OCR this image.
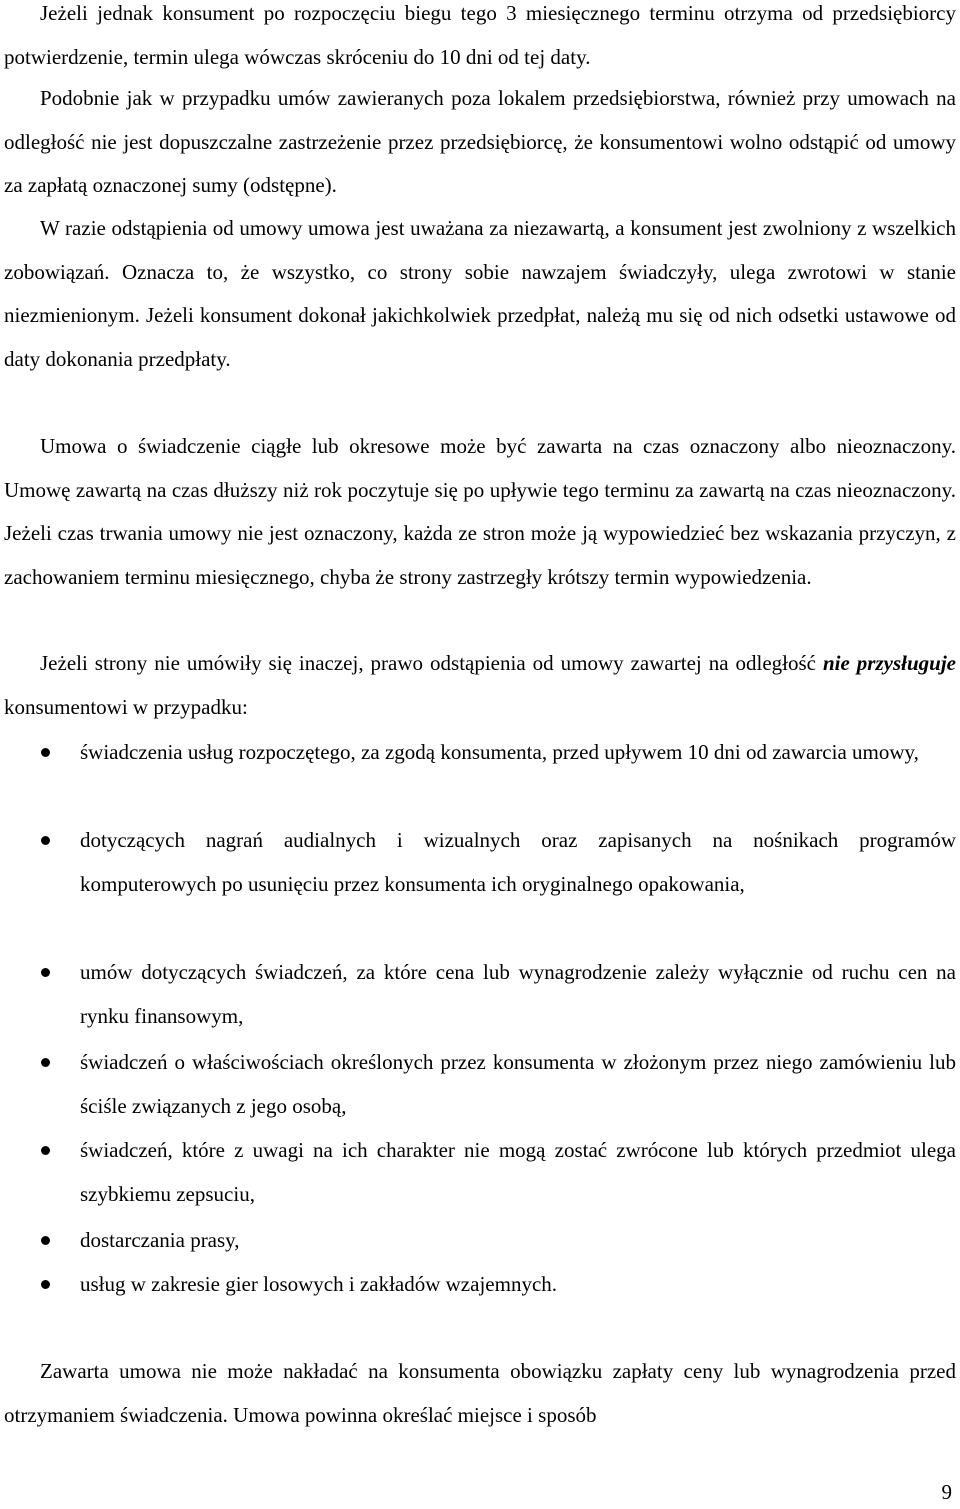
Jeżeli jednak konsument po rozpoczęciu biegu tego 3 miesięcznego terminu otrzyma od przedsiębiorcy potwierdzenie, termin ulega wówczas skróceniu do 10 dni od tej daty.

Podobnie jak w przypadku umów zawieranych poza lokalem przedsiębiorstwa, również przy umowach na odległość nie jest dopuszczalne zastrzeżenie przez przedsiębiorcę, że konsumentowi wolno odstąpić od umowy za zapłatą oznaczonej sumy (odstępne).

W razie odstąpienia od umowy umowa jest uważana za niezawartą, a konsument jest zwolniony z wszelkich zobowiązań. Oznacza to, że wszystko, co strony sobie nawzajem świadczyły, ulega zwrotowi w stanie niezmienionym. Jeżeli konsument dokonał jakichkolwiek przedpłat, należą mu się od nich odsetki ustawowe od daty dokonania przedpłaty.

Umowa o świadczenie ciągłe lub okresowe może być zawarta na czas oznaczony albo nieoznaczony. Umowę zawartą na czas dłuższy niż rok poczytuje się po upływie tego terminu za zawartą na czas nieoznaczony. Jeżeli czas trwania umowy nie jest oznaczony, każda ze stron może ją wypowiedzieć bez wskazania przyczyn, z zachowaniem terminu miesięcznego, chyba że strony zastrzegły krótszy termin wypowiedzenia.

Jeżeli strony nie umówiły się inaczej, prawo odstąpienia od umowy zawartej na odległość nie przysługuje konsumentowi w przypadku:

świadczenia usług rozpoczętego, za zgodą konsumenta, przed upływem 10 dni od zawarcia umowy,

dotyczących nagrań audialnych i wizualnych oraz zapisanych na nośnikach programów komputerowych po usunięciu przez konsumenta ich oryginalnego opakowania,

umów dotyczących świadczeń, za które cena lub wynagrodzenie zależy wyłącznie od ruchu cen na rynku finansowym,

świadczeń o właściwościach określonych przez konsumenta w złożonym przez niego zamówieniu lub ściśle związanych z jego osobą,

świadczeń, które z uwagi na ich charakter nie mogą zostać zwrócone lub których przedmiot ulega szybkiemu zepsuciu,

dostarczania prasy,

usług w zakresie gier losowych i zakładów wzajemnych.

Zawarta umowa nie może nakładać na konsumenta obowiązku zapłaty ceny lub wynagrodzenia przed otrzymaniem świadczenia. Umowa powinna określać miejsce i sposób

9
